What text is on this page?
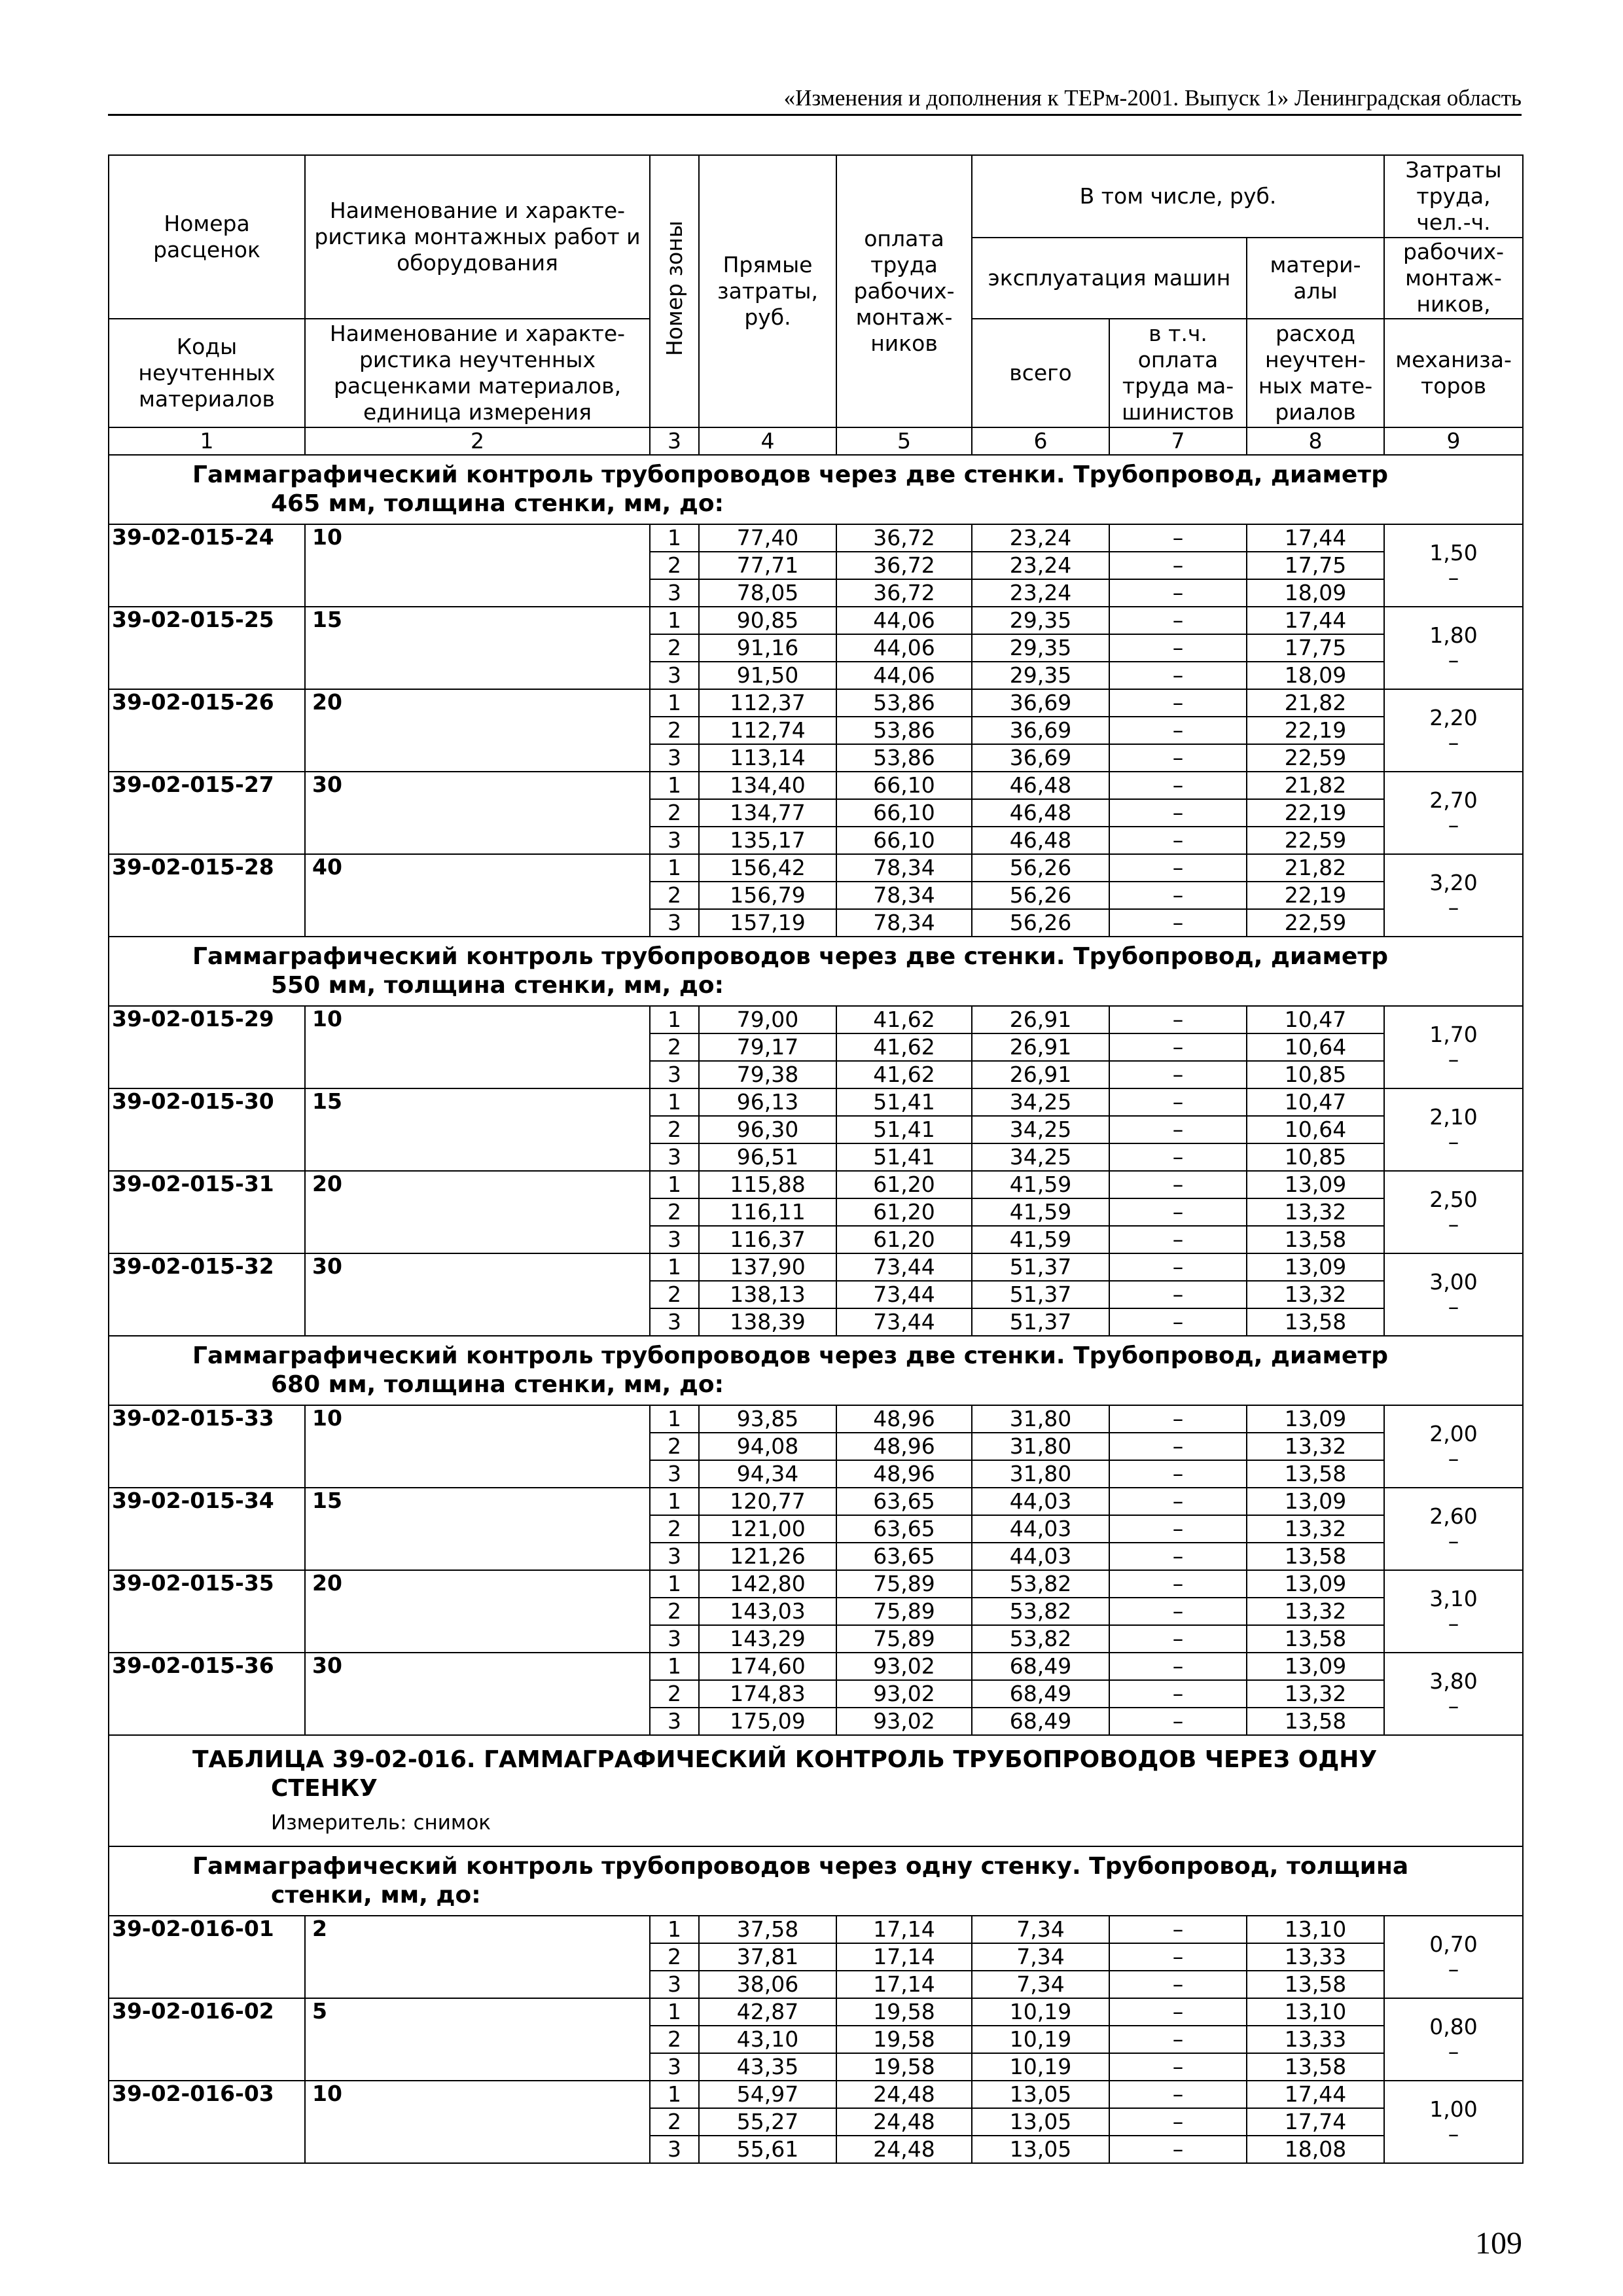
«Изменения и дополнения к ТЕРм-2001. Выпуск 1» Ленинградская область
Номера расценок	Наименование и характе-ристика монтажных работ и оборудования	Номер зоны	Прямые затраты, руб.	оплата труда рабочих-монтаж-ников	В том числе, руб.			Затраты труда, чел.-ч.
					эксплуатация машин		матери-алы	рабочих-монтаж-ников,
Коды неучтенных материалов	Наименование и характе-ристика неучтенных расценками материалов, единица измерения				всего	в т.ч. оплата труда ма-шинистов	расход неучтен-ных мате-риалов	механиза-торов

1	2	3	4	5	6	7	8	9

Гаммаграфический контроль трубопроводов через две стенки. Трубопровод, диаметр
465 мм, толщина стенки, мм, до:								

39-02-015-24	10	1	77,40	36,72	23,24	–	17,44	1,50
–

		2	77,71	36,72	23,24	–	17,75	
		3	78,05	36,72	23,24	–	18,09	
39-02-015-25	15	1	90,85	44,06	29,35	–	17,44	1,80
–

		2	91,16	44,06	29,35	–	17,75	
		3	91,50	44,06	29,35	–	18,09	
39-02-015-26	20	1	112,37	53,86	36,69	–	21,82	2,20
–

		2	112,74	53,86	36,69	–	22,19	
		3	113,14	53,86	36,69	–	22,59	
39-02-015-27	30	1	134,40	66,10	46,48	–	21,82	2,70
–

		2	134,77	66,10	46,48	–	22,19	
		3	135,17	66,10	46,48	–	22,59	
39-02-015-28	40	1	156,42	78,34	56,26	–	21,82	3,20
–

		2	156,79	78,34	56,26	–	22,19	
		3	157,19	78,34	56,26	–	22,59	

Гаммаграфический контроль трубопроводов через две стенки. Трубопровод, диаметр
550 мм, толщина стенки, мм, до:								

39-02-015-29	10	1	79,00	41,62	26,91	–	10,47	1,70
–

		2	79,17	41,62	26,91	–	10,64	
		3	79,38	41,62	26,91	–	10,85	
39-02-015-30	15	1	96,13	51,41	34,25	–	10,47	2,10
–

		2	96,30	51,41	34,25	–	10,64	
		3	96,51	51,41	34,25	–	10,85	
39-02-015-31	20	1	115,88	61,20	41,59	–	13,09	2,50
–

		2	116,11	61,20	41,59	–	13,32	
		3	116,37	61,20	41,59	–	13,58	
39-02-015-32	30	1	137,90	73,44	51,37	–	13,09	3,00
–

		2	138,13	73,44	51,37	–	13,32	
		3	138,39	73,44	51,37	–	13,58	

Гаммаграфический контроль трубопроводов через две стенки. Трубопровод, диаметр
680 мм, толщина стенки, мм, до:								

39-02-015-33	10	1	93,85	48,96	31,80	–	13,09	2,00
–

		2	94,08	48,96	31,80	–	13,32	
		3	94,34	48,96	31,80	–	13,58	
39-02-015-34	15	1	120,77	63,65	44,03	–	13,09	2,60
–

		2	121,00	63,65	44,03	–	13,32	
		3	121,26	63,65	44,03	–	13,58	
39-02-015-35	20	1	142,80	75,89	53,82	–	13,09	3,10
–

		2	143,03	75,89	53,82	–	13,32	
		3	143,29	75,89	53,82	–	13,58	
39-02-015-36	30	1	174,60	93,02	68,49	–	13,09	3,80
–

		2	174,83	93,02	68,49	–	13,32	
		3	175,09	93,02	68,49	–	13,58	

ТАБЛИЦА 39-02-016. ГАММАГРАФИЧЕСКИЙ КОНТРОЛЬ ТРУБОПРОВОДОВ ЧЕРЕЗ ОДНУ
СТЕНКУ
Измеритель: снимок								

Гаммаграфический контроль трубопроводов через одну стенку. Трубопровод, толщина
стенки, мм, до:								

39-02-016-01	2	1	37,58	17,14	7,34	–	13,10	0,70
–

		2	37,81	17,14	7,34	–	13,33	
		3	38,06	17,14	7,34	–	13,58	
39-02-016-02	5	1	42,87	19,58	10,19	–	13,10	0,80
–

		2	43,10	19,58	10,19	–	13,33	
		3	43,35	19,58	10,19	–	13,58	
39-02-016-03	10	1	54,97	24,48	13,05	–	17,44	1,00
–

		2	55,27	24,48	13,05	–	17,74	
		3	55,61	24,48	13,05	–	18,08	
109
